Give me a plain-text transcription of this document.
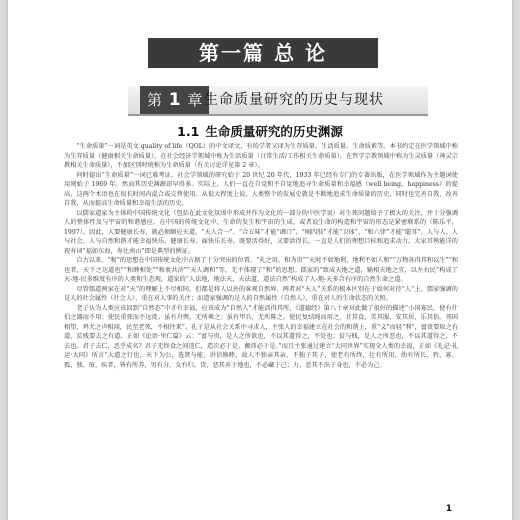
第一篇 总 论
第 1 章 生命质量研究的历史与现状
1.1 生命质量研究的历史渊源

“生命质量”一词是英文 quality of life（QOL）的中文译文，有的学者又译为生存质量、生活质量、生命质素等。本书约定在医学领域中称为生存质量（健康相关生命质量），在社会经济学领域中称为生活质量（日常生活/工作相关生命质量），在哲学宗教领域中称为生灵质量（神灵宗教相关生命质量），不加区别时统称为生命质量（有关讨论详见第 2 章）。

何时提出“生命质量”一词已难考证。社会学领域的研究始于 20 世纪 20 年代，1933 年已经有专门的专著出版，在医学领域作为主题词使用则始于 1969 年。然而其历史渊源却早得多。实际上，人们一直在自觉和不自觉地追寻生命质量和幸福感（well being，happiness）的提高，这两个术语也在很长时间内混合或交替使用。从很大程度上说，人类整个的发展史就是不断地追求生命质量的历史，同时也完善自我、改善自我，从而提高生命质量和幸福生活的历史。

以儒家道家为主体的中国传统文化（包括在此文化氛围中形成并作为文化的一部分的中医学说）对生死问题给予了极大的关注，并十分强调人的整体性及与宇宙的和谐感应。在中国的传统文化中，生命的发生和宇宙的生成，或者说生命的构造和宇宙的形态是紧密联系的（陈乐平，1997）。因此，人要健康长寿、就必须顺应天道，“天人合一”、“合五味”才能“调口”、“刚四肢”才能“卫体”、“和六律”才能“聪耳”。人与人、人与社会、人与自然和谐才能幸福快乐、健康长寿。面快乐长寿，既要活得好，又要活得长，一直是人们的理想目标和追求动力。大家耳熟能详的祝寿词“福如东海，寿比南山”即是典型的例证。

自古以来，“和”的思想在中国传统文化中占据了十分突出的位置。“礼之用，和为贵”“天时不如地利，地利不如人和”“万物各得其和以生”“和也者，天下之达道也”“和睦相处”“和衷共济”“天人调和”等，无不体现了“和”的思想。儒家的“致成天地之道，辅相天地之宜，以左右民”构成了天-地-民多维度有序的人类和生态观。道家的“人法地，地法天，天法道，道法自然”构成了人-地-天多合有序的自然生命之道。

尽管儒道两家在对“天”的理解上不尽相同，但都是将人以外的客观自然界、两者对“天人”关系的根本区别在于如何对待“人”上。儒家强调的是人的社会属性（社会人），重在对人事的关注；而道家强调的是人的自然属性（自然人），重在对人的生命状态的关照。

老子认为人类应该回到“自然态”中才有幸福，应该成为“自然人”才能活得其所，《道德经》第八十章对此做了很好的描述“小国寡民。使有什伯之器而不用；使民重死而不远徙。虽有舟舆，无所乘之；虽有甲兵，无所陈之。使民复结绳而用之。甘其食，美其服，安其居，乐其俗。邻国相望，鸡犬之声相闻，民至老死，不相往来”。孔子是从社会关系中寻求人，主张人的幸福建立在社会的和谐上，重“义”而轻“利”，富贵要取之有道，贫贱要去之有道。正如《论语·里仁篇》云：“富与贵，是人之所欲也，不以其道得之，不处也；贫与贱，是人之所恶也，不以其道得之，不去也。君子去仁，恶乎成名？君子无终食之间违仁，造次必于是，颠沛必于是。”而且主张通过建立“大同世界”实现全人类的幸福，正如《礼记·礼运·大同》所言“大道之行也，天下为公，选贤与能，讲信修睦，故人不独亲其亲，不独子其子，使老有所终，壮有所用，幼有所长，矜、寡、孤、独、废、疾者，皆有所养，男有分，女有归。货，恶其弃于地也，不必藏于己；力，恶其不出于身也，不必为己。

1
